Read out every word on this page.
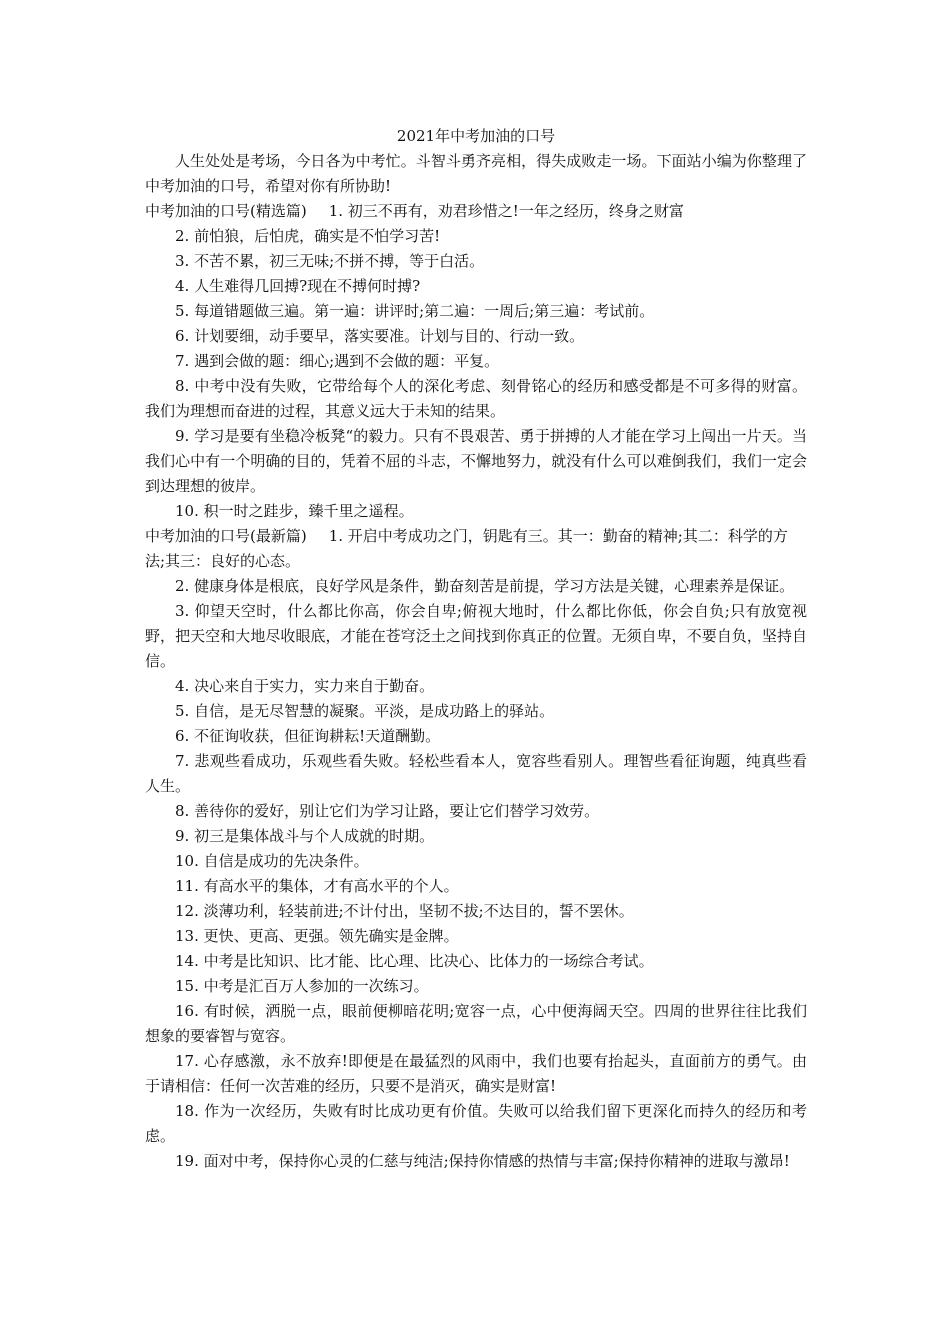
2021年中考加油的口号

人生处处是考场，今日各为中考忙。斗智斗勇齐亮相，得失成败走一场。下面站小编为你整理了中考加油的口号，希望对你有所协助!

中考加油的口号(精选篇) 1. 初三不再有，劝君珍惜之!一年之经历，终身之财富

2. 前怕狼，后怕虎，确实是不怕学习苦!

3. 不苦不累，初三无味;不拼不搏，等于白活。

4. 人生难得几回搏?现在不搏何时搏?

5. 每道错题做三遍。第一遍：讲评时;第二遍：一周后;第三遍：考试前。

6. 计划要细，动手要早，落实要准。计划与目的、行动一致。

7. 遇到会做的题：细心;遇到不会做的题：平复。

8. 中考中没有失败，它带给每个人的深化考虑、刻骨铭心的经历和感受都是不可多得的财富。我们为理想而奋进的过程，其意义远大于未知的结果。

9. 学习是要有坐稳冷板凳“的毅力。只有不畏艰苦、勇于拼搏的人才能在学习上闯出一片天。当我们心中有一个明确的目的，凭着不屈的斗志，不懈地努力，就没有什么可以难倒我们，我们一定会到达理想的彼岸。

10. 积一时之跬步，臻千里之遥程。

中考加油的口号(最新篇) 1. 开启中考成功之门，钥匙有三。其一：勤奋的精神;其二：科学的方法;其三：良好的心态。

2. 健康身体是根底，良好学风是条件，勤奋刻苦是前提，学习方法是关键，心理素养是保证。

3. 仰望天空时，什么都比你高，你会自卑;俯视大地时，什么都比你低，你会自负;只有放宽视野，把天空和大地尽收眼底，才能在苍穹泛土之间找到你真正的位置。无须自卑，不要自负，坚持自信。

4. 决心来自于实力，实力来自于勤奋。

5. 自信，是无尽智慧的凝聚。平淡，是成功路上的驿站。

6. 不征询收获，但征询耕耘!天道酬勤。

7. 悲观些看成功，乐观些看失败。轻松些看本人，宽容些看别人。理智些看征询题，纯真些看人生。

8. 善待你的爱好，别让它们为学习让路，要让它们替学习效劳。

9. 初三是集体战斗与个人成就的时期。

10. 自信是成功的先决条件。

11. 有高水平的集体，才有高水平的个人。

12. 淡薄功利，轻装前进;不计付出，坚韧不拔;不达目的，誓不罢休。

13. 更快、更高、更强。领先确实是金牌。

14. 中考是比知识、比才能、比心理、比决心、比体力的一场综合考试。

15. 中考是汇百万人参加的一次练习。

16. 有时候，洒脱一点，眼前便柳暗花明;宽容一点，心中便海阔天空。四周的世界往往比我们想象的要睿智与宽容。

17. 心存感激，永不放弃!即便是在最猛烈的风雨中，我们也要有抬起头，直面前方的勇气。由于请相信：任何一次苦难的经历，只要不是消灭，确实是财富!

18. 作为一次经历，失败有时比成功更有价值。失败可以给我们留下更深化而持久的经历和考虑。

19. 面对中考，保持你心灵的仁慈与纯洁;保持你情感的热情与丰富;保持你精神的进取与激昂!
